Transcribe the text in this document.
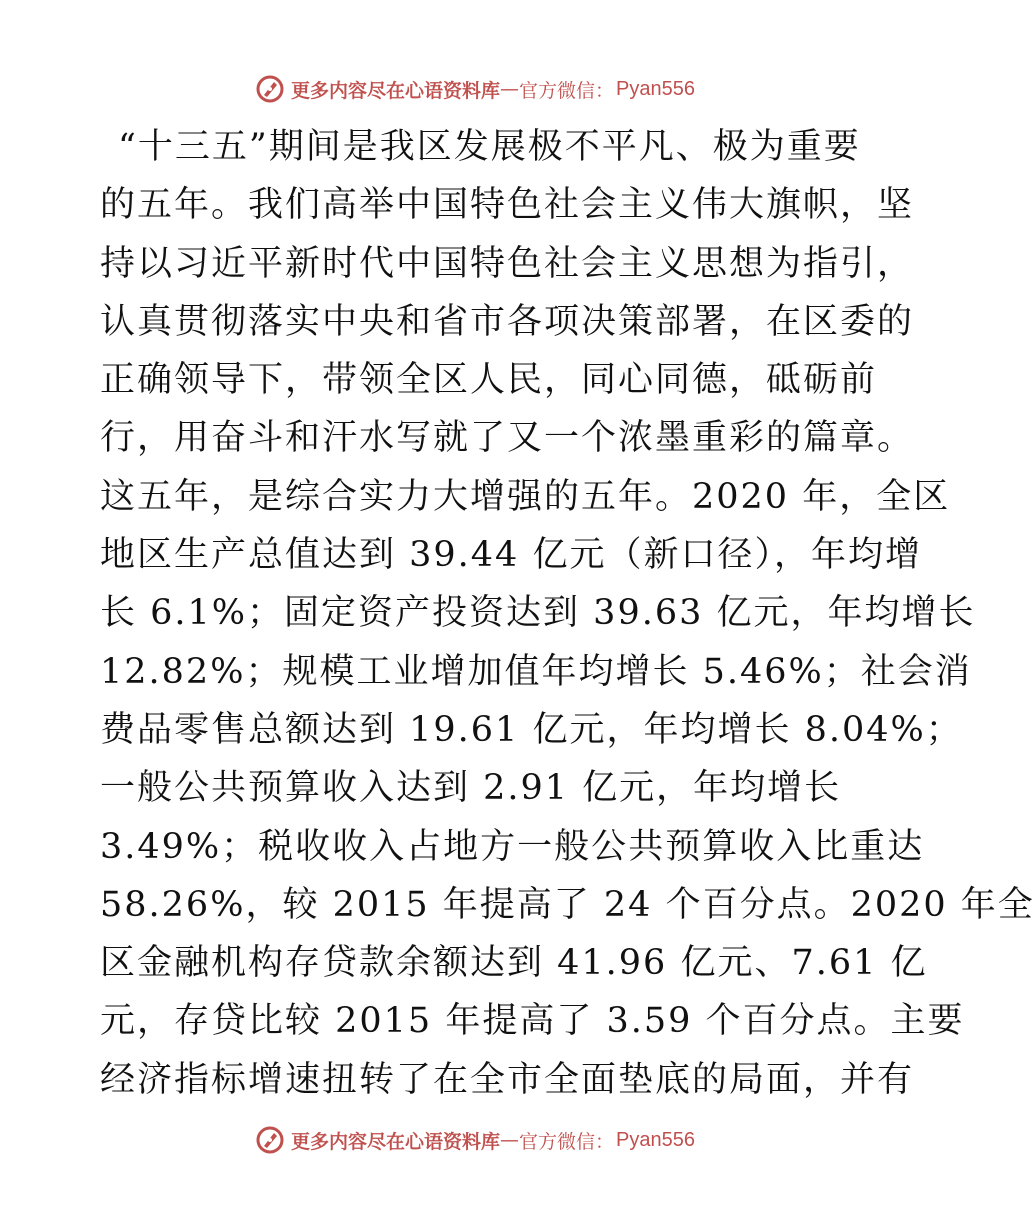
更多内容尽在心语资料库 — 官方微信： Pyan556
“十三五”期间是我区发展极不平凡、极为重要
的五年。我们高举中国特色社会主义伟大旗帜，坚
持以习近平新时代中国特色社会主义思想为指引，
认真贯彻落实中央和省市各项决策部署，在区委的
正确领导下，带领全区人民，同心同德，砥砺前
行，用奋斗和汗水写就了又一个浓墨重彩的篇章。
这五年，是综合实力大增强的五年。2020 年，全区
地区生产总值达到 39.44 亿元（新口径），年均增
长 6.1%；固定资产投资达到 39.63 亿元，年均增长
12.82%；规模工业增加值年均增长 5.46%；社会消
费品零售总额达到 19.61 亿元，年均增长 8.04%；
一般公共预算收入达到 2.91 亿元，年均增长
3.49%；税收收入占地方一般公共预算收入比重达
58.26%，较 2015 年提高了 24 个百分点。2020 年全
区金融机构存贷款余额达到 41.96 亿元、7.61 亿
元，存贷比较 2015 年提高了 3.59 个百分点。主要
经济指标增速扭转了在全市全面垫底的局面，并有
更多内容尽在心语资料库 — 官方微信： Pyan556
